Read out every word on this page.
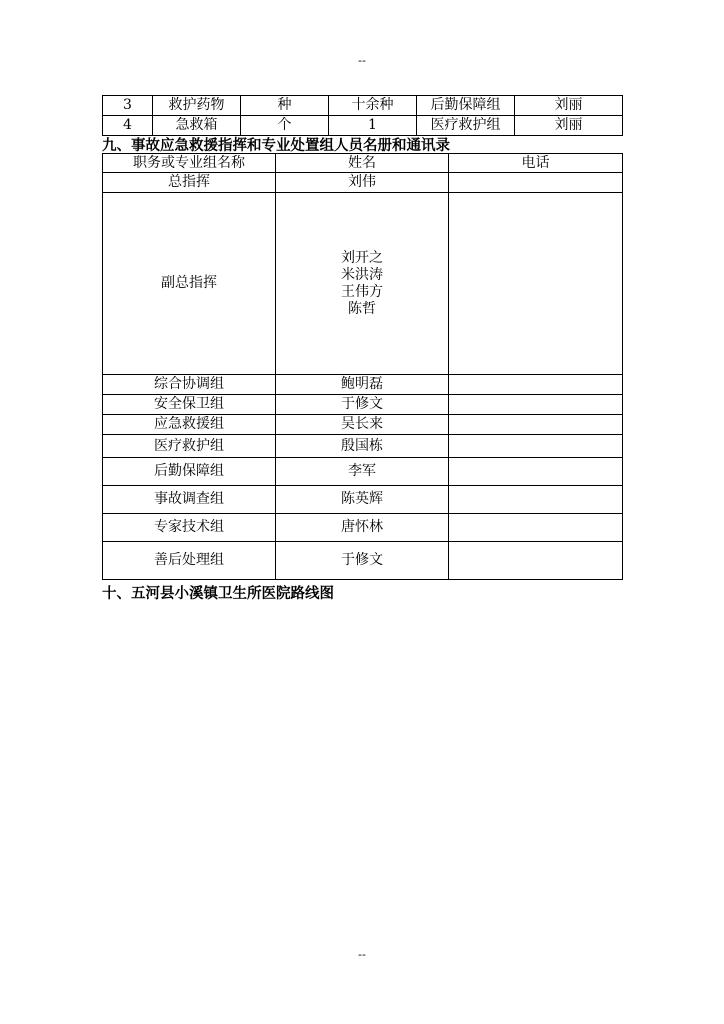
--
3	救护药物	种	十余种	后勤保障组	刘丽
4	急救箱	个	1	医疗救护组	刘丽
九、事故应急救援指挥和专业处置组人员名册和通讯录
职务或专业组名称	姓名	电话
总指挥	刘伟	
副总指挥	刘开之
米洪涛
王伟方
陈哲	

综合协调组	鲍明磊	
安全保卫组	于修文	
应急救援组	吴长来	
医疗救护组	殷国栋	
后勤保障组	李军	
事故调查组	陈英辉	
专家技术组	唐怀林	
善后处理组	于修文	
十、五河县小溪镇卫生所医院路线图
--
